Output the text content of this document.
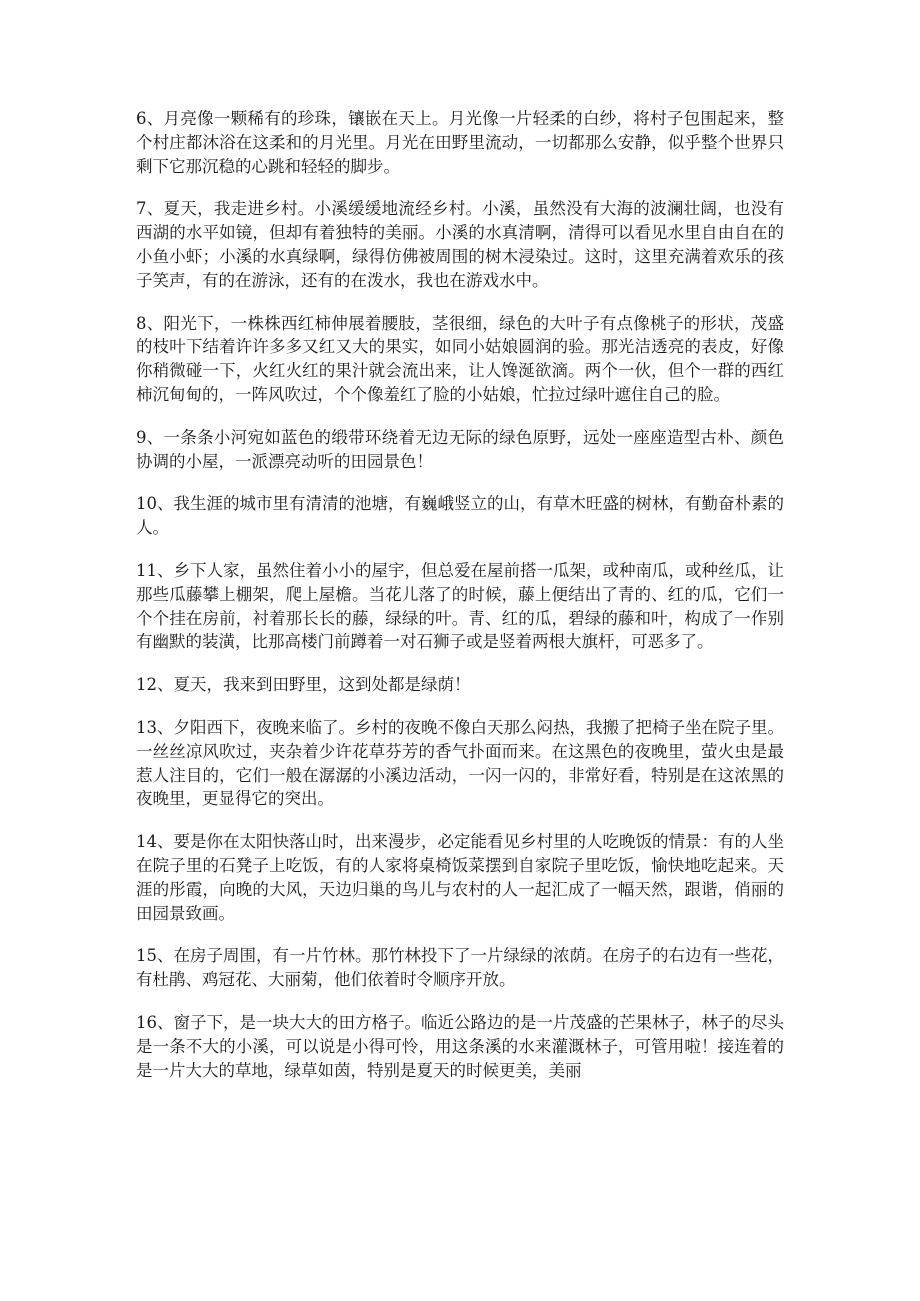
6、月亮像一颗稀有的珍珠，镶嵌在天上。月光像一片轻柔的白纱，将村子包围起来，整个村庄都沐浴在这柔和的月光里。月光在田野里流动，一切都那么安静，似乎整个世界只剩下它那沉稳的心跳和轻轻的脚步。

7、夏天，我走进乡村。小溪缓缓地流经乡村。小溪，虽然没有大海的波澜壮阔，也没有西湖的水平如镜，但却有着独特的美丽。小溪的水真清啊，清得可以看见水里自由自在的小鱼小虾；小溪的水真绿啊，绿得仿佛被周围的树木浸染过。这时，这里充满着欢乐的孩子笑声，有的在游泳，还有的在泼水，我也在游戏水中。

8、阳光下，一株株西红柿伸展着腰肢，茎很细，绿色的大叶子有点像桃子的形状，茂盛的枝叶下结着许许多多又红又大的果实，如同小姑娘圆润的验。那光洁透亮的表皮，好像你稍微碰一下，火红火红的果汁就会流出来，让人馋涎欲滴。两个一伙，但个一群的西红柿沉甸甸的，一阵风吹过，个个像羞红了脸的小姑娘，忙拉过绿叶遮住自己的脸。

9、一条条小河宛如蓝色的缎带环绕着无边无际的绿色原野，远处一座座造型古朴、颜色协调的小屋，一派漂亮动听的田园景色！

10、我生涯的城市里有清清的池塘，有巍峨竖立的山，有草木旺盛的树林，有勤奋朴素的人。

11、乡下人家，虽然住着小小的屋宇，但总爱在屋前搭一瓜架，或种南瓜，或种丝瓜，让那些瓜藤攀上棚架，爬上屋檐。当花儿落了的时候，藤上便结出了青的、红的瓜，它们一个个挂在房前，衬着那长长的藤，绿绿的叶。青、红的瓜，碧绿的藤和叶，构成了一作别有幽默的装潢，比那高楼门前蹲着一对石狮子或是竖着两根大旗杆，可恶多了。

12、夏天，我来到田野里，这到处都是绿荫！

13、夕阳西下，夜晚来临了。乡村的夜晚不像白天那么闷热，我搬了把椅子坐在院子里。一丝丝凉风吹过，夹杂着少许花草芬芳的香气扑面而来。在这黑色的夜晚里，萤火虫是最惹人注目的，它们一般在潺潺的小溪边活动，一闪一闪的，非常好看，特别是在这浓黑的夜晚里，更显得它的突出。

14、要是你在太阳快落山时，出来漫步，必定能看见乡村里的人吃晚饭的情景：有的人坐在院子里的石凳子上吃饭，有的人家将桌椅饭菜摆到自家院子里吃饭，愉快地吃起来。天涯的彤霞，向晚的大风，天边归巢的鸟儿与农村的人一起汇成了一幅天然，跟谐，俏丽的田园景致画。

15、在房子周围，有一片竹林。那竹林投下了一片绿绿的浓荫。在房子的右边有一些花，有杜鹃、鸡冠花、大丽菊，他们依着时令顺序开放。

16、窗子下，是一块大大的田方格子。临近公路边的是一片茂盛的芒果林子，林子的尽头是一条不大的小溪，可以说是小得可怜，用这条溪的水来灌溉林子，可管用啦！接连着的是一片大大的草地，绿草如茵，特别是夏天的时候更美，美丽
